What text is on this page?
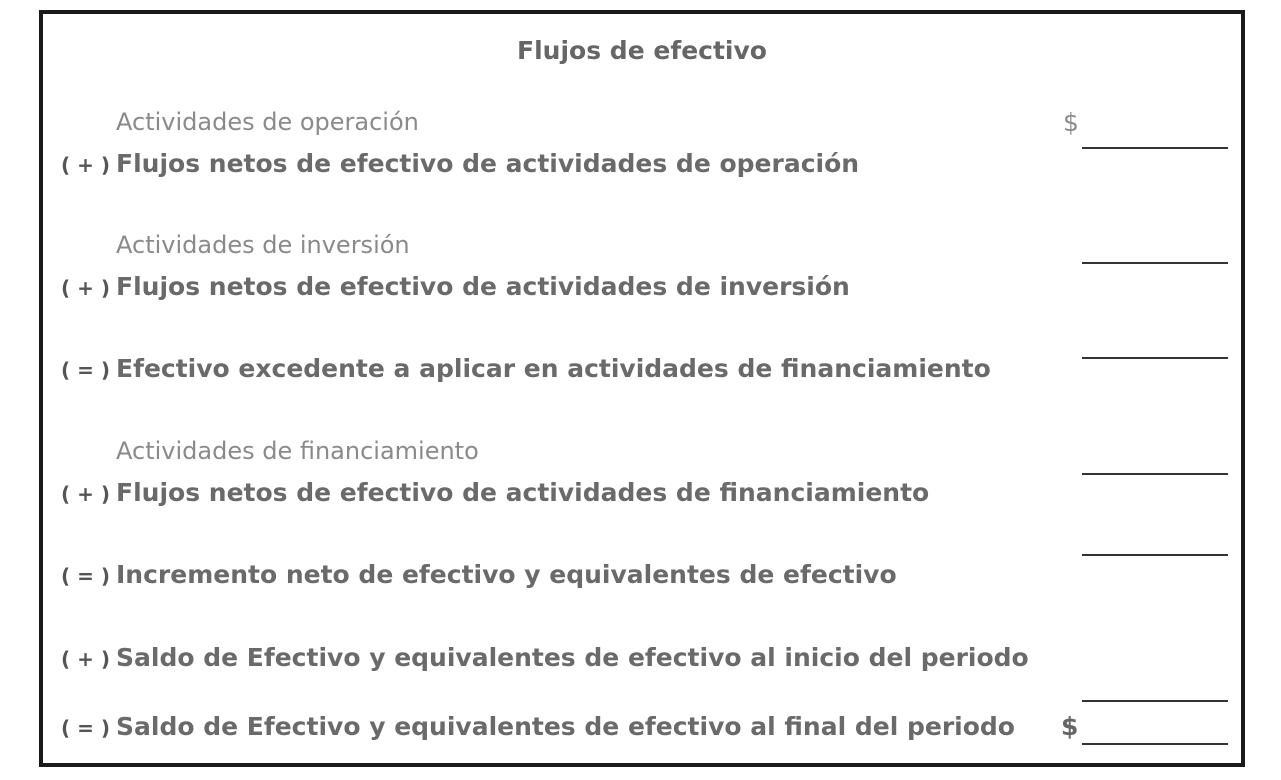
Flujos de efectivo
Actividades de operación	$
( + ) Flujos netos de efectivo de actividades de operación
Actividades de inversión
( + ) Flujos netos de efectivo de actividades de inversión
( = ) Efectivo excedente a aplicar en actividades de financiamiento
Actividades de financiamiento
( + ) Flujos netos de efectivo de actividades de financiamiento
( = ) Incremento neto de efectivo y equivalentes de efectivo
( + ) Saldo de Efectivo y equivalentes de efectivo al inicio del periodo
( = ) Saldo de Efectivo y equivalentes de efectivo al final del periodo $
